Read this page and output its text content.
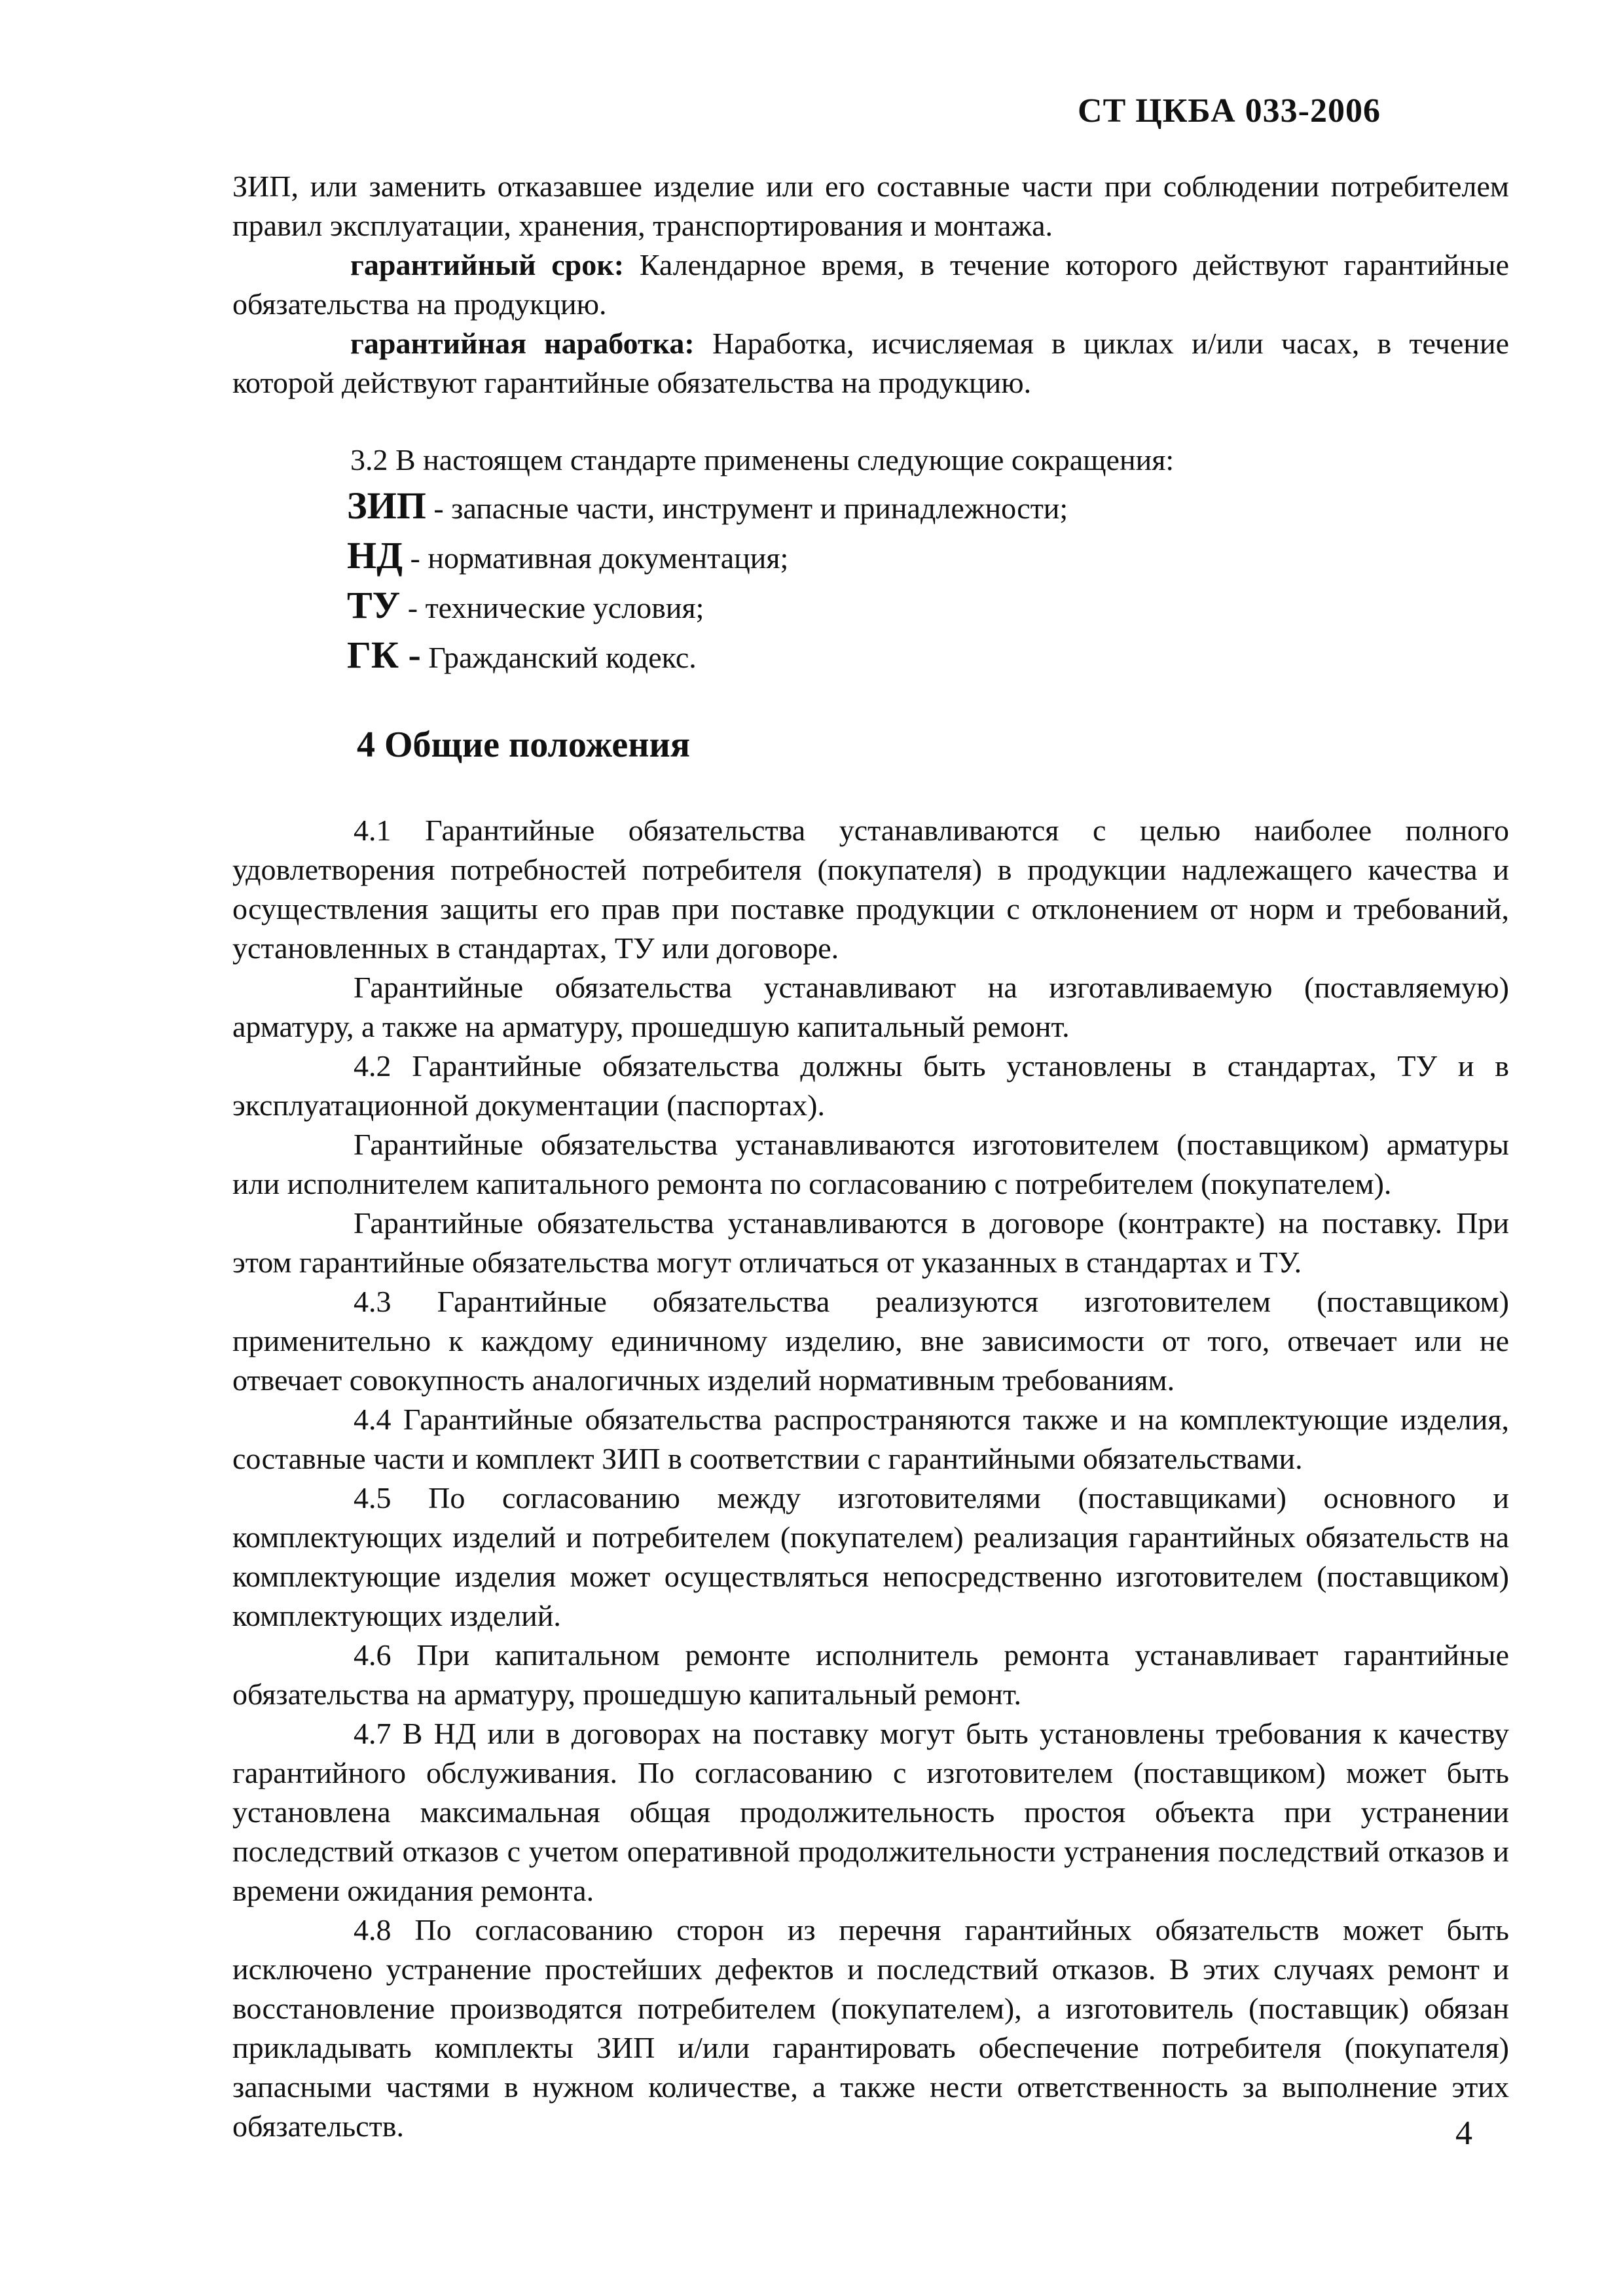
СТ ЦКБА 033-2006

ЗИП, или заменить отказавшее изделие или его составные части при соблюдении потребителем правил эксплуатации, хранения, транспортирования и монтажа.

гарантийный срок: Календарное время, в течение которого действуют гарантийные обязательства на продукцию.

гарантийная наработка: Наработка, исчисляемая в циклах и/или часах, в течение которой действуют гарантийные обязательства на продукцию.

3.2 В настоящем стандарте применены следующие сокращения:

ЗИП - запасные части, инструмент и принадлежности;

НД - нормативная документация;

ТУ - технические условия;

ГК - Гражданский кодекс.

4 Общие положения

4.1 Гарантийные обязательства устанавливаются с целью наиболее полного удовлетворения потребностей потребителя (покупателя) в продукции надлежащего качества и осуществления защиты его прав при поставке продукции с отклонением от норм и требований, установленных в стандартах, ТУ или договоре.

Гарантийные обязательства устанавливают на изготавливаемую (поставляемую) арматуру, а также на арматуру, прошедшую капитальный ремонт.

4.2 Гарантийные обязательства должны быть установлены в стандартах, ТУ и в эксплуатационной документации (паспортах).

Гарантийные обязательства устанавливаются изготовителем (поставщиком) арматуры или исполнителем капитального ремонта по согласованию с потребителем (покупателем).

Гарантийные обязательства устанавливаются в договоре (контракте) на поставку. При этом гарантийные обязательства могут отличаться от указанных в стандартах и ТУ.

4.3 Гарантийные обязательства реализуются изготовителем (поставщиком) применительно к каждому единичному изделию, вне зависимости от того, отвечает или не отвечает совокупность аналогичных изделий нормативным требованиям.

4.4 Гарантийные обязательства распространяются также и на комплектующие изделия, составные части и комплект ЗИП в соответствии с гарантийными обязательствами.

4.5 По согласованию между изготовителями (поставщиками) основного и комплектующих изделий и потребителем (покупателем) реализация гарантийных обязательств на комплектующие изделия может осуществляться непосредственно изготовителем (поставщиком) комплектующих изделий.

4.6 При капитальном ремонте исполнитель ремонта устанавливает гарантийные обязательства на арматуру, прошедшую капитальный ремонт.

4.7 В НД или в договорах на поставку могут быть установлены требования к качеству гарантийного обслуживания. По согласованию с изготовителем (поставщиком) может быть установлена максимальная общая продолжительность простоя объекта при устранении последствий отказов с учетом оперативной продолжительности устранения последствий отказов и времени ожидания ремонта.

4.8 По согласованию сторон из перечня гарантийных обязательств может быть исключено устранение простейших дефектов и последствий отказов. В этих случаях ремонт и восстановление производятся потребителем (покупателем), а изготовитель (поставщик) обязан прикладывать комплекты ЗИП и/или гарантировать обеспечение потребителя (покупателя) запасными частями в нужном количестве, а также нести ответственность за выполнение этих обязательств.	4
